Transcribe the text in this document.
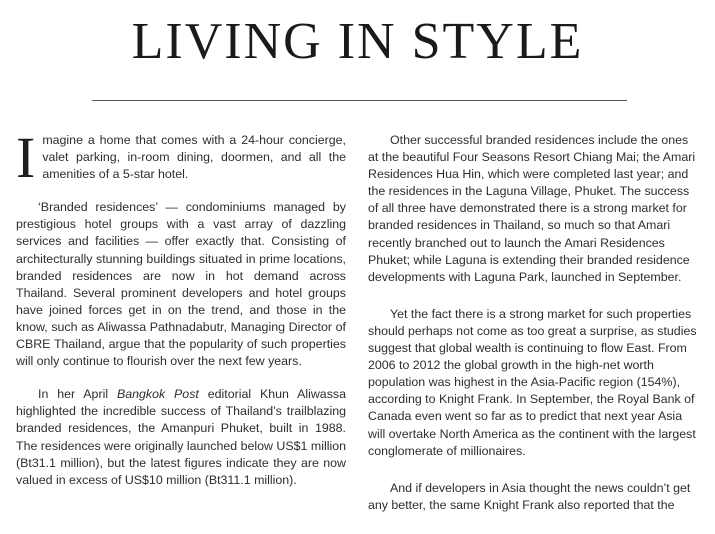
LIVING IN STYLE

Imagine a home that comes with a 24-hour concierge, valet parking, in-room dining, doormen, and all the amenities of a 5-star hotel.

‘Branded residences’ — condominiums managed by prestigious hotel groups with a vast array of dazzling services and facilities — offer exactly that. Consisting of architecturally stunning buildings situated in prime locations, branded residences are now in hot demand across Thailand. Several prominent developers and hotel groups have joined forces get in on the trend, and those in the know, such as Aliwassa Pathnadabutr, Managing Director of CBRE Thailand, argue that the popularity of such properties will only continue to flourish over the next few years.

In her April Bangkok Post editorial Khun Aliwassa highlighted the incredible success of Thailand’s trailblazing branded residences, the Amanpuri Phuket, built in 1988. The residences were originally launched below US$1 million (Bt31.1 million), but the latest figures indicate they are now valued in excess of US$10 million (Bt311.1 million).

Other successful branded residences include the ones at the beautiful Four Seasons Resort Chiang Mai; the Amari Residences Hua Hin, which were completed last year; and the residences in the Laguna Village, Phuket. The success of all three have demonstrated there is a strong market for branded residences in Thailand, so much so that Amari recently branched out to launch the Amari Residences Phuket; while Laguna is extending their branded residence developments with Laguna Park, launched in September.

Yet the fact there is a strong market for such properties should perhaps not come as too great a surprise, as studies suggest that global wealth is continuing to flow East. From 2006 to 2012 the global growth in the high-net worth population was highest in the Asia-Pacific region (154%), according to Knight Frank. In September, the Royal Bank of Canada even went so far as to predict that next year Asia will overtake North America as the continent with the largest conglomerate of millionaires.

And if developers in Asia thought the news couldn’t get any better, the same Knight Frank also reported that the
